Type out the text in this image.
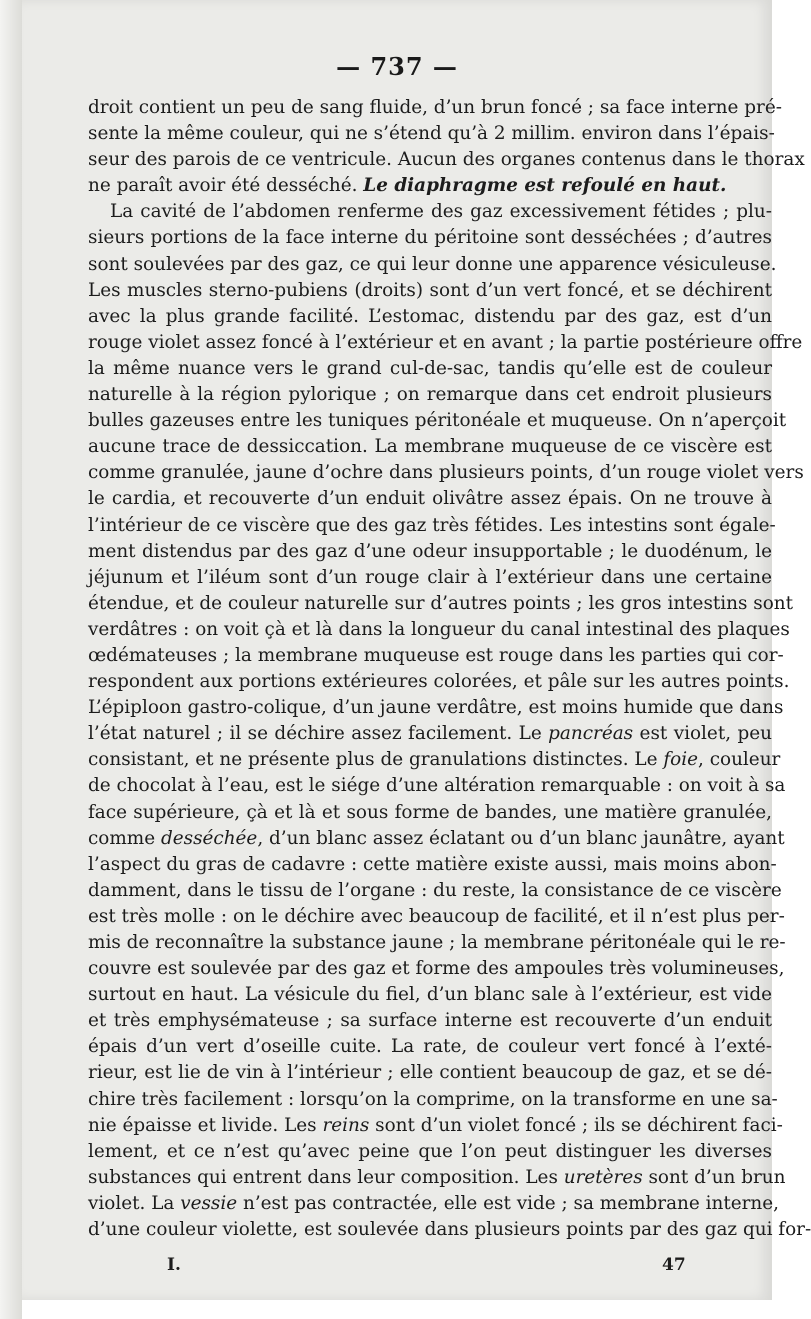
— 737 —
droit contient un peu de sang fluide, d’un brun foncé ; sa face interne pré-
sente la même couleur, qui ne s’étend qu’à 2 millim. environ dans l’épais-
seur des parois de ce ventricule. Aucun des organes contenus dans le thorax
ne paraît avoir été desséché. Le diaphragme est refoulé en haut.
La cavité de l’abdomen renferme des gaz excessivement fétides ; plu-
sieurs portions de la face interne du péritoine sont desséchées ; d’autres
sont soulevées par des gaz, ce qui leur donne une apparence vésiculeuse.
Les muscles sterno-pubiens (droits) sont d’un vert foncé, et se déchirent
avec la plus grande facilité. L’estomac, distendu par des gaz, est d’un
rouge violet assez foncé à l’extérieur et en avant ; la partie postérieure offre
la même nuance vers le grand cul-de-sac, tandis qu’elle est de couleur
naturelle à la région pylorique ; on remarque dans cet endroit plusieurs
bulles gazeuses entre les tuniques péritonéale et muqueuse. On n’aperçoit
aucune trace de dessiccation. La membrane muqueuse de ce viscère est
comme granulée, jaune d’ochre dans plusieurs points, d’un rouge violet vers
le cardia, et recouverte d’un enduit olivâtre assez épais. On ne trouve à
l’intérieur de ce viscère que des gaz très fétides. Les intestins sont égale-
ment distendus par des gaz d’une odeur insupportable ; le duodénum, le
jéjunum et l’iléum sont d’un rouge clair à l’extérieur dans une certaine
étendue, et de couleur naturelle sur d’autres points ; les gros intestins sont
verdâtres : on voit çà et là dans la longueur du canal intestinal des plaques
œdémateuses ; la membrane muqueuse est rouge dans les parties qui cor-
respondent aux portions extérieures colorées, et pâle sur les autres points.
L’épiploon gastro-colique, d’un jaune verdâtre, est moins humide que dans
l’état naturel ; il se déchire assez facilement. Le pancréas est violet, peu
consistant, et ne présente plus de granulations distinctes. Le foie, couleur
de chocolat à l’eau, est le siége d’une altération remarquable : on voit à sa
face supérieure, çà et là et sous forme de bandes, une matière granulée,
comme desséchée, d’un blanc assez éclatant ou d’un blanc jaunâtre, ayant
l’aspect du gras de cadavre : cette matière existe aussi, mais moins abon-
damment, dans le tissu de l’organe : du reste, la consistance de ce viscère
est très molle : on le déchire avec beaucoup de facilité, et il n’est plus per-
mis de reconnaître la substance jaune ; la membrane péritonéale qui le re-
couvre est soulevée par des gaz et forme des ampoules très volumineuses,
surtout en haut. La vésicule du fiel, d’un blanc sale à l’extérieur, est vide
et très emphysémateuse ; sa surface interne est recouverte d’un enduit
épais d’un vert d’oseille cuite. La rate, de couleur vert foncé à l’exté-
rieur, est lie de vin à l’intérieur ; elle contient beaucoup de gaz, et se dé-
chire très facilement : lorsqu’on la comprime, on la transforme en une sa-
nie épaisse et livide. Les reins sont d’un violet foncé ; ils se déchirent faci-
lement, et ce n’est qu’avec peine que l’on peut distinguer les diverses
substances qui entrent dans leur composition. Les uretères sont d’un brun
violet. La vessie n’est pas contractée, elle est vide ; sa membrane interne,
d’une couleur violette, est soulevée dans plusieurs points par des gaz qui for-
I.	47
